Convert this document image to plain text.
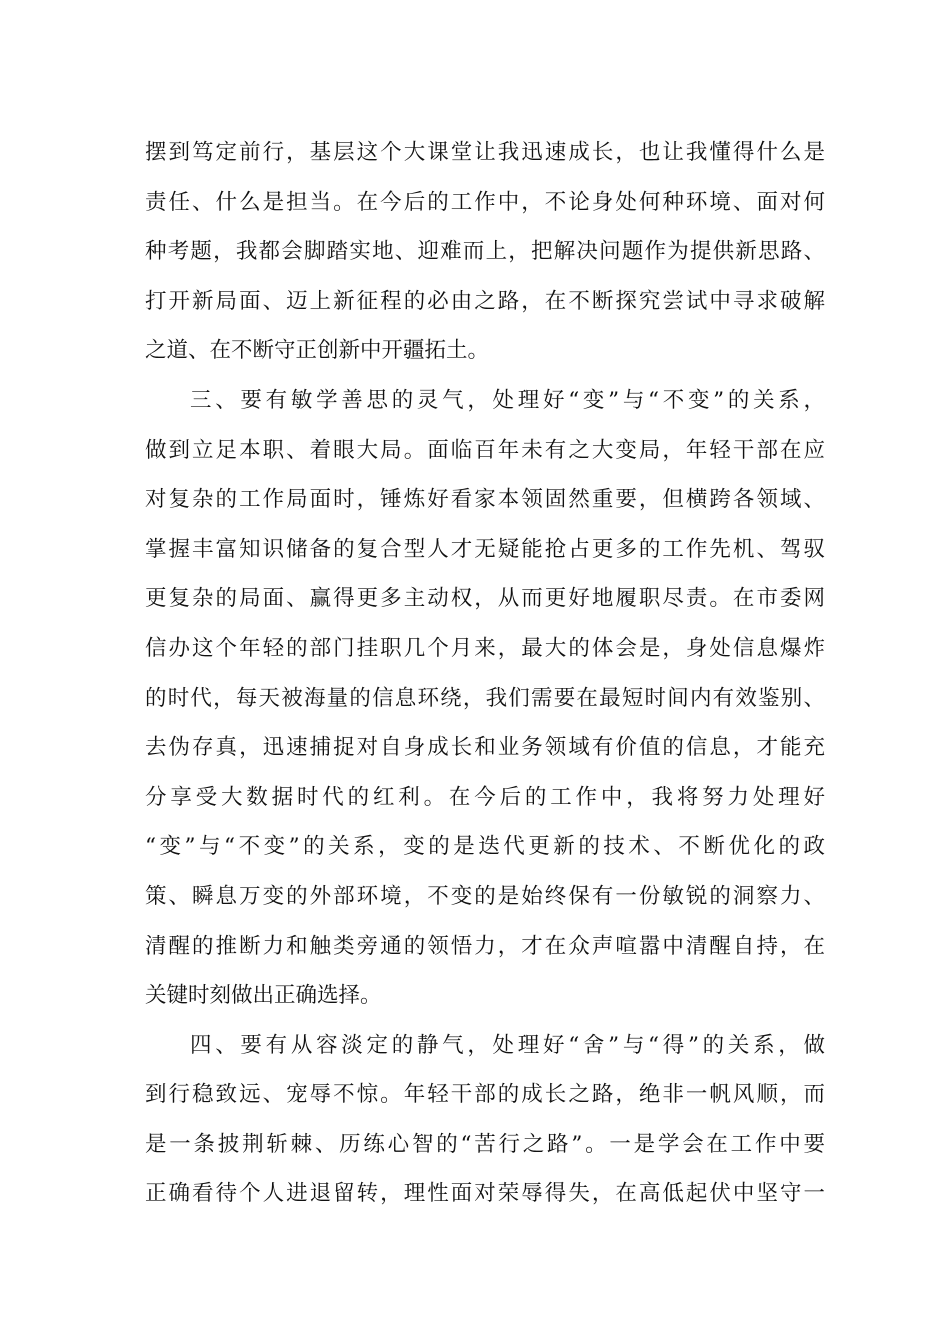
摆到笃定前行，基层这个大课堂让我迅速成长，也让我懂得什么是
责任、什么是担当。在今后的工作中，不论身处何种环境、面对何
种考题，我都会脚踏实地、迎难而上，把解决问题作为提供新思路、
打开新局面、迈上新征程的必由之路，在不断探究尝试中寻求破解
之道、在不断守正创新中开疆拓土。
三、要有敏学善思的灵气，处理好“变”与“不变”的关系，
做到立足本职、着眼大局。面临百年未有之大变局，年轻干部在应
对复杂的工作局面时，锤炼好看家本领固然重要，但横跨各领域、
掌握丰富知识储备的复合型人才无疑能抢占更多的工作先机、驾驭
更复杂的局面、赢得更多主动权，从而更好地履职尽责。在市委网
信办这个年轻的部门挂职几个月来，最大的体会是，身处信息爆炸
的时代，每天被海量的信息环绕，我们需要在最短时间内有效鉴别、
去伪存真，迅速捕捉对自身成长和业务领域有价值的信息，才能充
分享受大数据时代的红利。在今后的工作中，我将努力处理好
“变”与“不变”的关系，变的是迭代更新的技术、不断优化的政
策、瞬息万变的外部环境，不变的是始终保有一份敏锐的洞察力、
清醒的推断力和触类旁通的领悟力，才在众声喧嚣中清醒自持，在
关键时刻做出正确选择。
四、要有从容淡定的静气，处理好“舍”与“得”的关系，做
到行稳致远、宠辱不惊。年轻干部的成长之路，绝非一帆风顺，而
是一条披荆斩棘、历练心智的“苦行之路”。一是学会在工作中要
正确看待个人进退留转，理性面对荣辱得失，在高低起伏中坚守一
